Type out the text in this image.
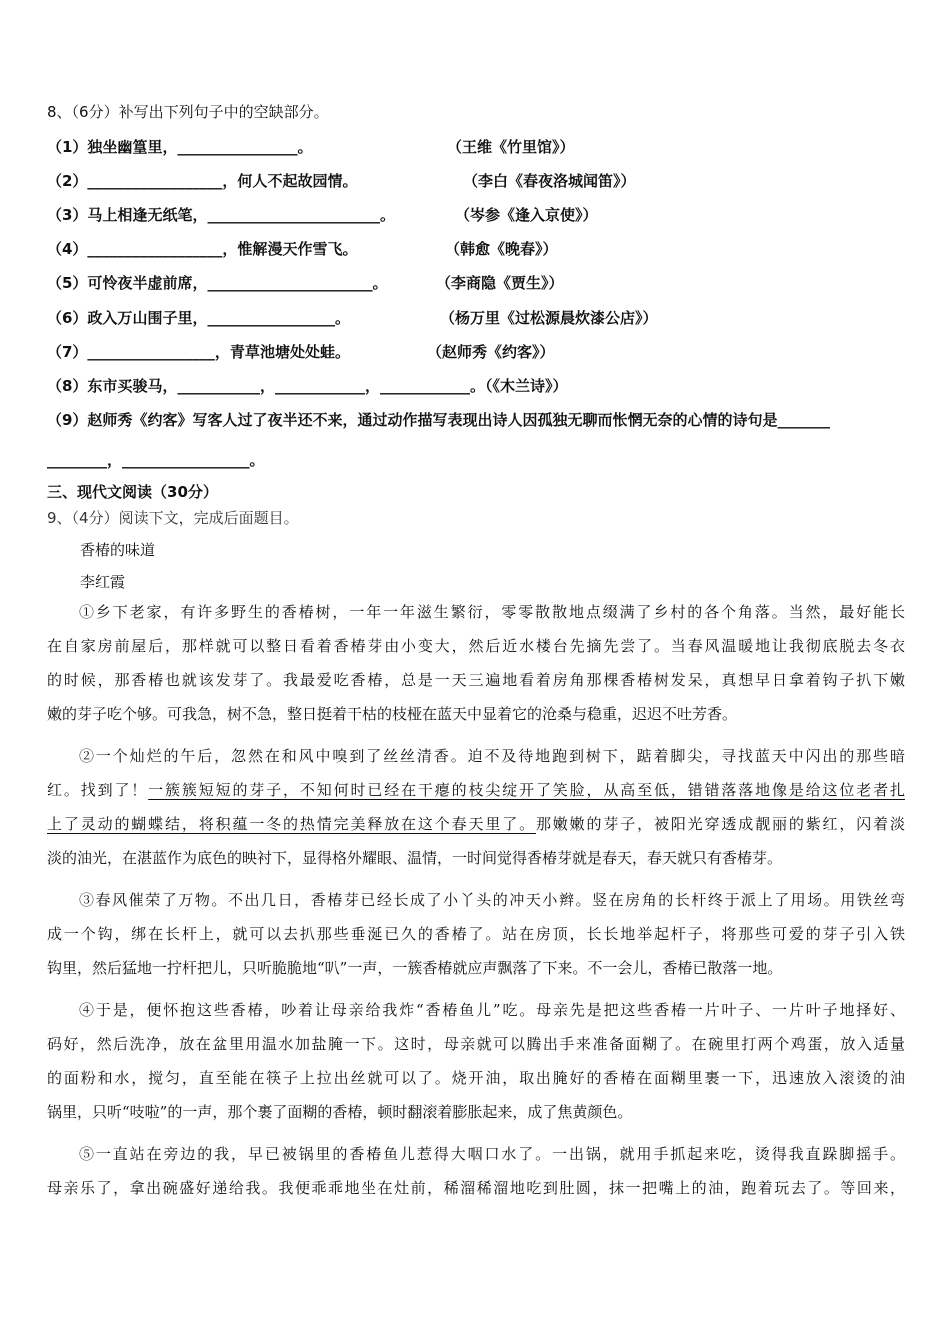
8、（6分）补写出下列句子中的空缺部分。
（1）独坐幽篁里，________________。	（王维《竹里馆》）
（2）__________________，何人不起故园情。	（李白《春夜洛城闻笛》）
（3）马上相逢无纸笔，_______________________。	（岑参《逢入京使》）
（4）__________________，惟解漫天作雪飞。	（韩愈《晚春》）
（5）可怜夜半虚前席，______________________。	（李商隐《贾生》）
（6）政入万山围子里，_________________。	（杨万里《过松源晨炊漆公店》）
（7）_________________，青草池塘处处蛙。	（赵师秀《约客》）
（8）东市买骏马，___________，____________，____________。（《木兰诗》）
（9）赵师秀《约客》写客人过了夜半还不来，通过动作描写表现出诗人因孤独无聊而怅惘无奈的心情的诗句是_______
________，_________________。
三、现代文阅读（30分）
9、（4分）阅读下文，完成后面题目。
香椿的味道
李红霞
①乡下老家，有许多野生的香椿树，一年一年滋生繁衍，零零散散地点缀满了乡村的各个角落。当然，最好能长
在自家房前屋后，那样就可以整日看着香椿芽由小变大，然后近水楼台先摘先尝了。当春风温暖地让我彻底脱去冬衣
的时候，那香椿也就该发芽了。我最爱吃香椿，总是一天三遍地看着房角那棵香椿树发呆，真想早日拿着钩子扒下嫩
嫩的芽子吃个够。可我急，树不急，整日挺着干枯的枝桠在蓝天中显着它的沧桑与稳重，迟迟不吐芳香。
②一个灿烂的午后，忽然在和风中嗅到了丝丝清香。迫不及待地跑到树下，踮着脚尖，寻找蓝天中闪出的那些暗
红。找到了！一簇簇短短的芽子，不知何时已经在干瘪的枝尖绽开了笑脸，从高至低，错错落落地像是给这位老者扎
上了灵动的蝴蝶结，将积蕴一冬的热情完美释放在这个春天里了。那嫩嫩的芽子，被阳光穿透成靓丽的紫红，闪着淡
淡的油光，在湛蓝作为底色的映衬下，显得格外耀眼、温情，一时间觉得香椿芽就是春天，春天就只有香椿芽。
③春风催荣了万物。不出几日，香椿芽已经长成了小丫头的冲天小辫。竖在房角的长杆终于派上了用场。用铁丝弯
成一个钩，绑在长杆上，就可以去扒那些垂涎已久的香椿了。站在房顶，长长地举起杆子，将那些可爱的芽子引入铁
钩里，然后猛地一拧杆把儿，只听脆脆地“叭”一声，一簇香椿就应声飘落了下来。不一会儿，香椿已散落一地。
④于是，便怀抱这些香椿，吵着让母亲给我炸“香椿鱼儿”吃。母亲先是把这些香椿一片叶子、一片叶子地择好、
码好，然后洗净，放在盆里用温水加盐腌一下。这时，母亲就可以腾出手来准备面糊了。在碗里打两个鸡蛋，放入适量
的面粉和水，搅匀，直至能在筷子上拉出丝就可以了。烧开油，取出腌好的香椿在面糊里裹一下，迅速放入滚烫的油
锅里，只听“吱啦”的一声，那个裹了面糊的香椿，顿时翻滚着膨胀起来，成了焦黄颜色。
⑤一直站在旁边的我，早已被锅里的香椿鱼儿惹得大咽口水了。一出锅，就用手抓起来吃，烫得我直跺脚摇手。
母亲乐了，拿出碗盛好递给我。我便乖乖地坐在灶前，稀溜稀溜地吃到肚圆，抹一把嘴上的油，跑着玩去了。等回来，
